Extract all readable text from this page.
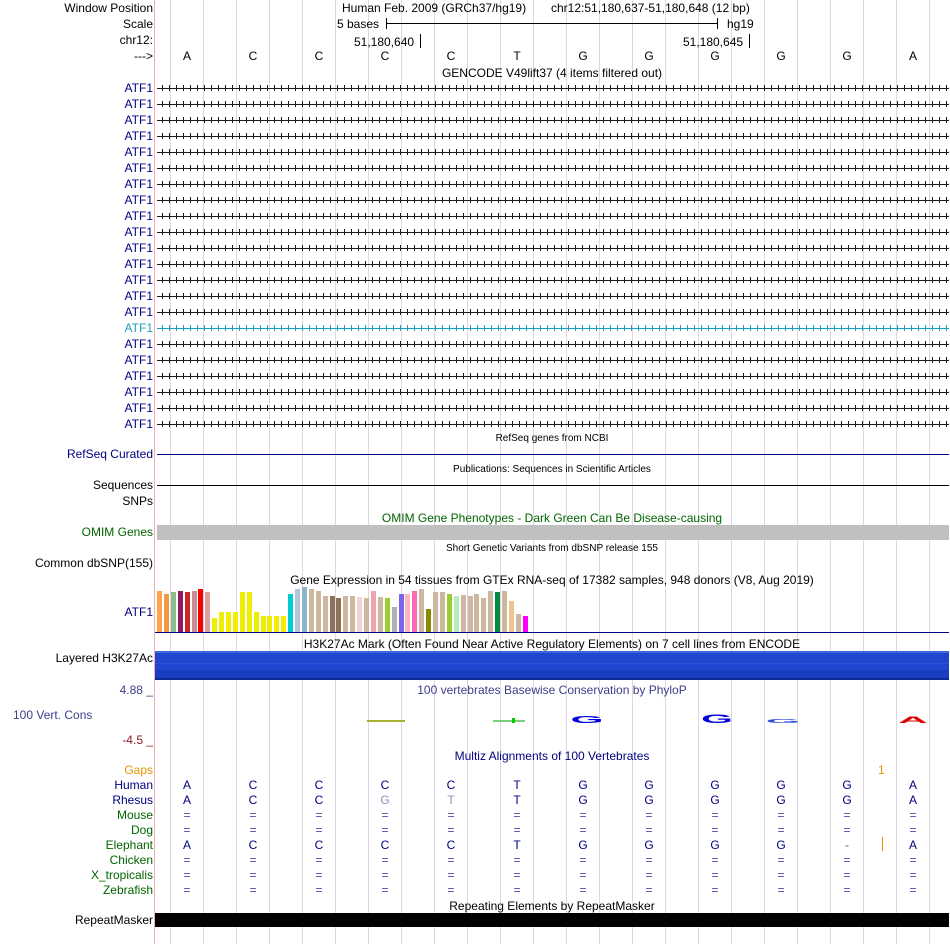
Window Position
Scale
chr12:
--->
Human Feb. 2009 (GRCh37/hg19) chr12:51,180,637-51,180,648 (12 bp)
5 bases	hg19
51,180,640	51,180,645
A	C	C	C	C	T	G	G	G	G	G	A
GENCODE V49lift37 (4 items filtered out)
ATF1
ATF1
ATF1
ATF1
ATF1
ATF1
ATF1
ATF1
ATF1
ATF1
ATF1
ATF1
ATF1
ATF1
ATF1
ATF1
ATF1
ATF1
ATF1
ATF1
ATF1
ATF1
RefSeq genes from NCBI
RefSeq Curated
Publications: Sequences in Scientific Articles
Sequences
SNPs
OMIM Gene Phenotypes - Dark Green Can Be Disease-causing
OMIM Genes
Short Genetic Variants from dbSNP release 155
Common dbSNP(155)
Gene Expression in 54 tissues from GTEx RNA-seq of 17382 samples, 948 donors (V8, Aug 2019)
ATF1
H3K27Ac Mark (Often Found Near Active Regulatory Elements) on 7 cell lines from ENCODE
Layered H3K27Ac
4.88 _	100 vertebrates Basewise Conservation by PhyloP
100 Vert. Cons
-4.5 _
G	G G	A
Multiz Alignments of 100 Vertebrates
Gaps	1
Human	A	C	C	C	C	T	G	G	G	G	G	A
Rhesus	A	C	C	G	T	T	G	G	G	G	G	A
Mouse	=	=	=	=	=	=	=	=	=	=	=	=
Dog	=	=	=	=	=	=	=	=	=	=	=	=
Elephant	A	C	C	C	C	T	G	G	G	G	-	A
Chicken	=	=	=	=	=	=	=	=	=	=	=	=
X_tropicalis	=	=	=	=	=	=	=	=	=	=	=	=
Zebrafish	=	=	=	=	=	=	=	=	=	=	=	=
Repeating Elements by RepeatMasker
RepeatMasker
